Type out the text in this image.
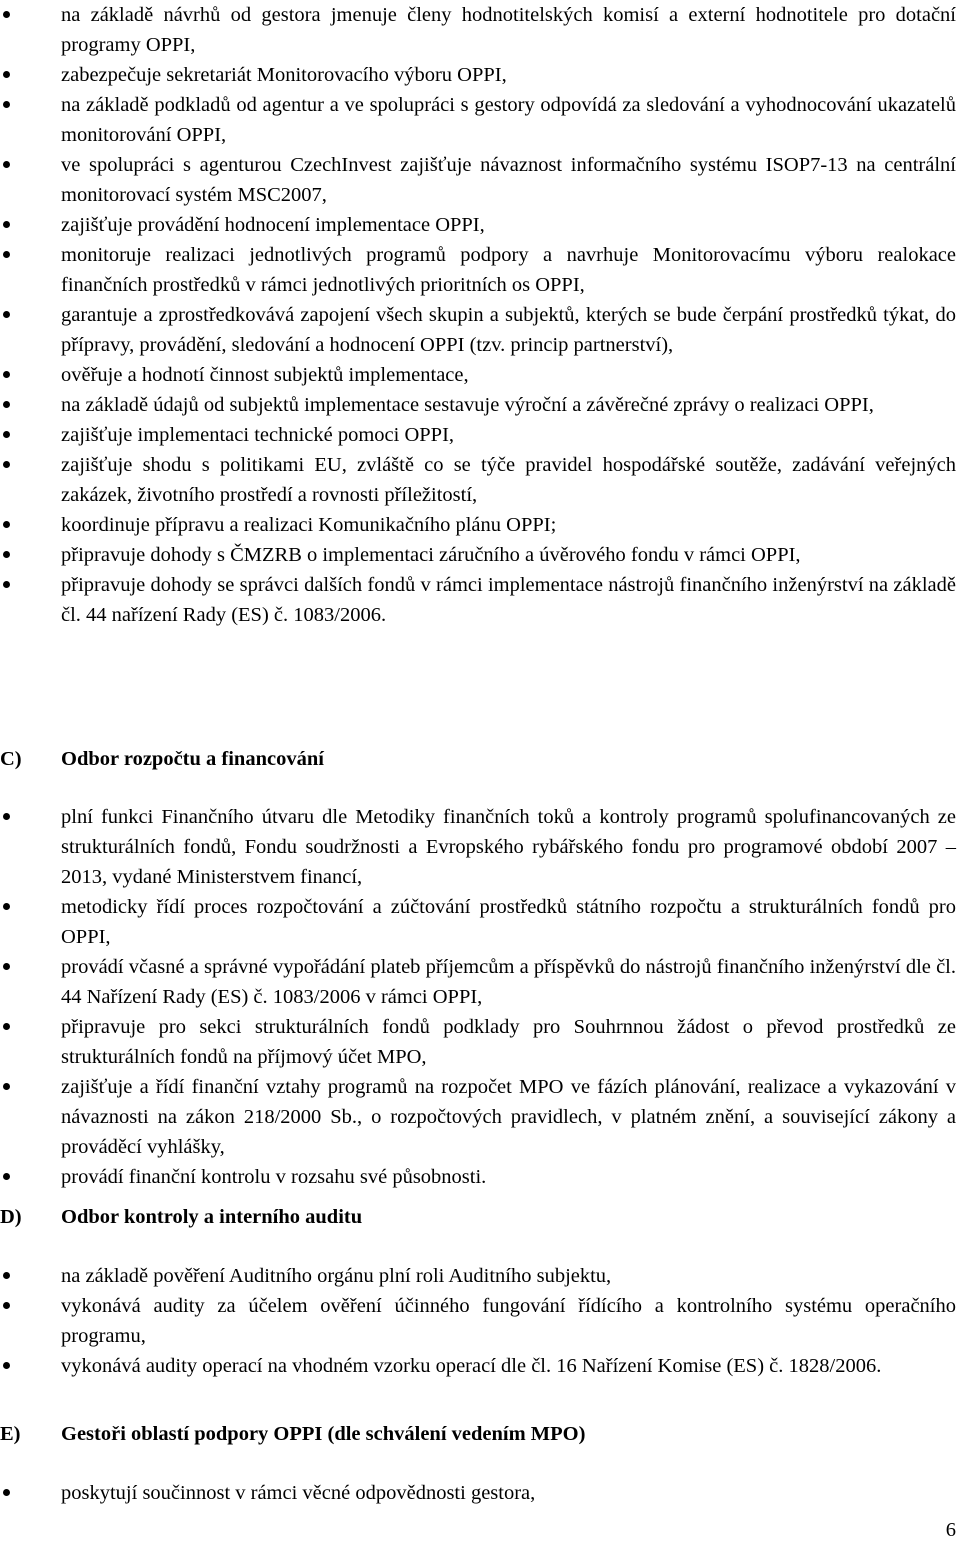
na základě návrhů od gestora jmenuje členy hodnotitelských komisí a externí hodnotitele pro dotační programy OPPI,
zabezpečuje sekretariát Monitorovacího výboru OPPI,
na základě podkladů od agentur a ve spolupráci s gestory odpovídá za sledování a vyhodnocování ukazatelů monitorování OPPI,
ve spolupráci s agenturou CzechInvest zajišťuje návaznost informačního systému ISOP7-13 na centrální monitorovací systém MSC2007,
zajišťuje provádění hodnocení implementace OPPI,
monitoruje realizaci jednotlivých programů podpory a navrhuje Monitorovacímu výboru realokace finančních prostředků v rámci jednotlivých prioritních os OPPI,
garantuje a zprostředkovává zapojení všech skupin a subjektů, kterých se bude čerpání prostředků týkat, do přípravy, provádění, sledování a hodnocení OPPI (tzv. princip partnerství),
ověřuje a hodnotí činnost subjektů implementace,
na základě údajů od subjektů implementace sestavuje výroční a závěrečné zprávy o realizaci OPPI,
zajišťuje implementaci technické pomoci OPPI,
zajišťuje shodu s politikami EU, zvláště co se týče pravidel hospodářské soutěže, zadávání veřejných zakázek, životního prostředí a rovnosti příležitostí,
koordinuje přípravu a realizaci Komunikačního plánu OPPI;
připravuje dohody s ČMZRB o implementaci záručního a úvěrového fondu v rámci OPPI,
připravuje dohody se správci dalších fondů v rámci implementace nástrojů finančního inženýrství na základě čl. 44 nařízení Rady (ES) č. 1083/2006.
C) Odbor rozpočtu a financování
plní funkci Finančního útvaru dle Metodiky finančních toků a kontroly programů spolufinancovaných ze strukturálních fondů, Fondu soudržnosti a Evropského rybářského fondu pro programové období 2007 – 2013, vydané Ministerstvem financí,
metodicky řídí proces rozpočtování a zúčtování prostředků státního rozpočtu a strukturálních fondů pro OPPI,
provádí včasné a správné vypořádání plateb příjemcům a příspěvků do nástrojů finančního inženýrství dle čl. 44 Nařízení Rady (ES) č. 1083/2006 v rámci OPPI,
připravuje pro sekci strukturálních fondů podklady pro Souhrnnou žádost o převod prostředků ze strukturálních fondů na příjmový účet MPO,
zajišťuje a řídí finanční vztahy programů na rozpočet MPO ve fázích plánování, realizace a vykazování v návaznosti na zákon 218/2000 Sb., o rozpočtových pravidlech, v platném znění, a související zákony a prováděcí vyhlášky,
provádí finanční kontrolu v rozsahu své působnosti.
D) Odbor kontroly a interního auditu
na základě pověření Auditního orgánu plní roli Auditního subjektu,
vykonává audity za účelem ověření účinného fungování řídícího a kontrolního systému operačního programu,
vykonává audity operací na vhodném vzorku operací dle čl. 16 Nařízení Komise (ES) č. 1828/2006.
E) Gestoři oblastí podpory OPPI (dle schválení vedením MPO)
poskytují součinnost v rámci věcné odpovědnosti gestora,
6
